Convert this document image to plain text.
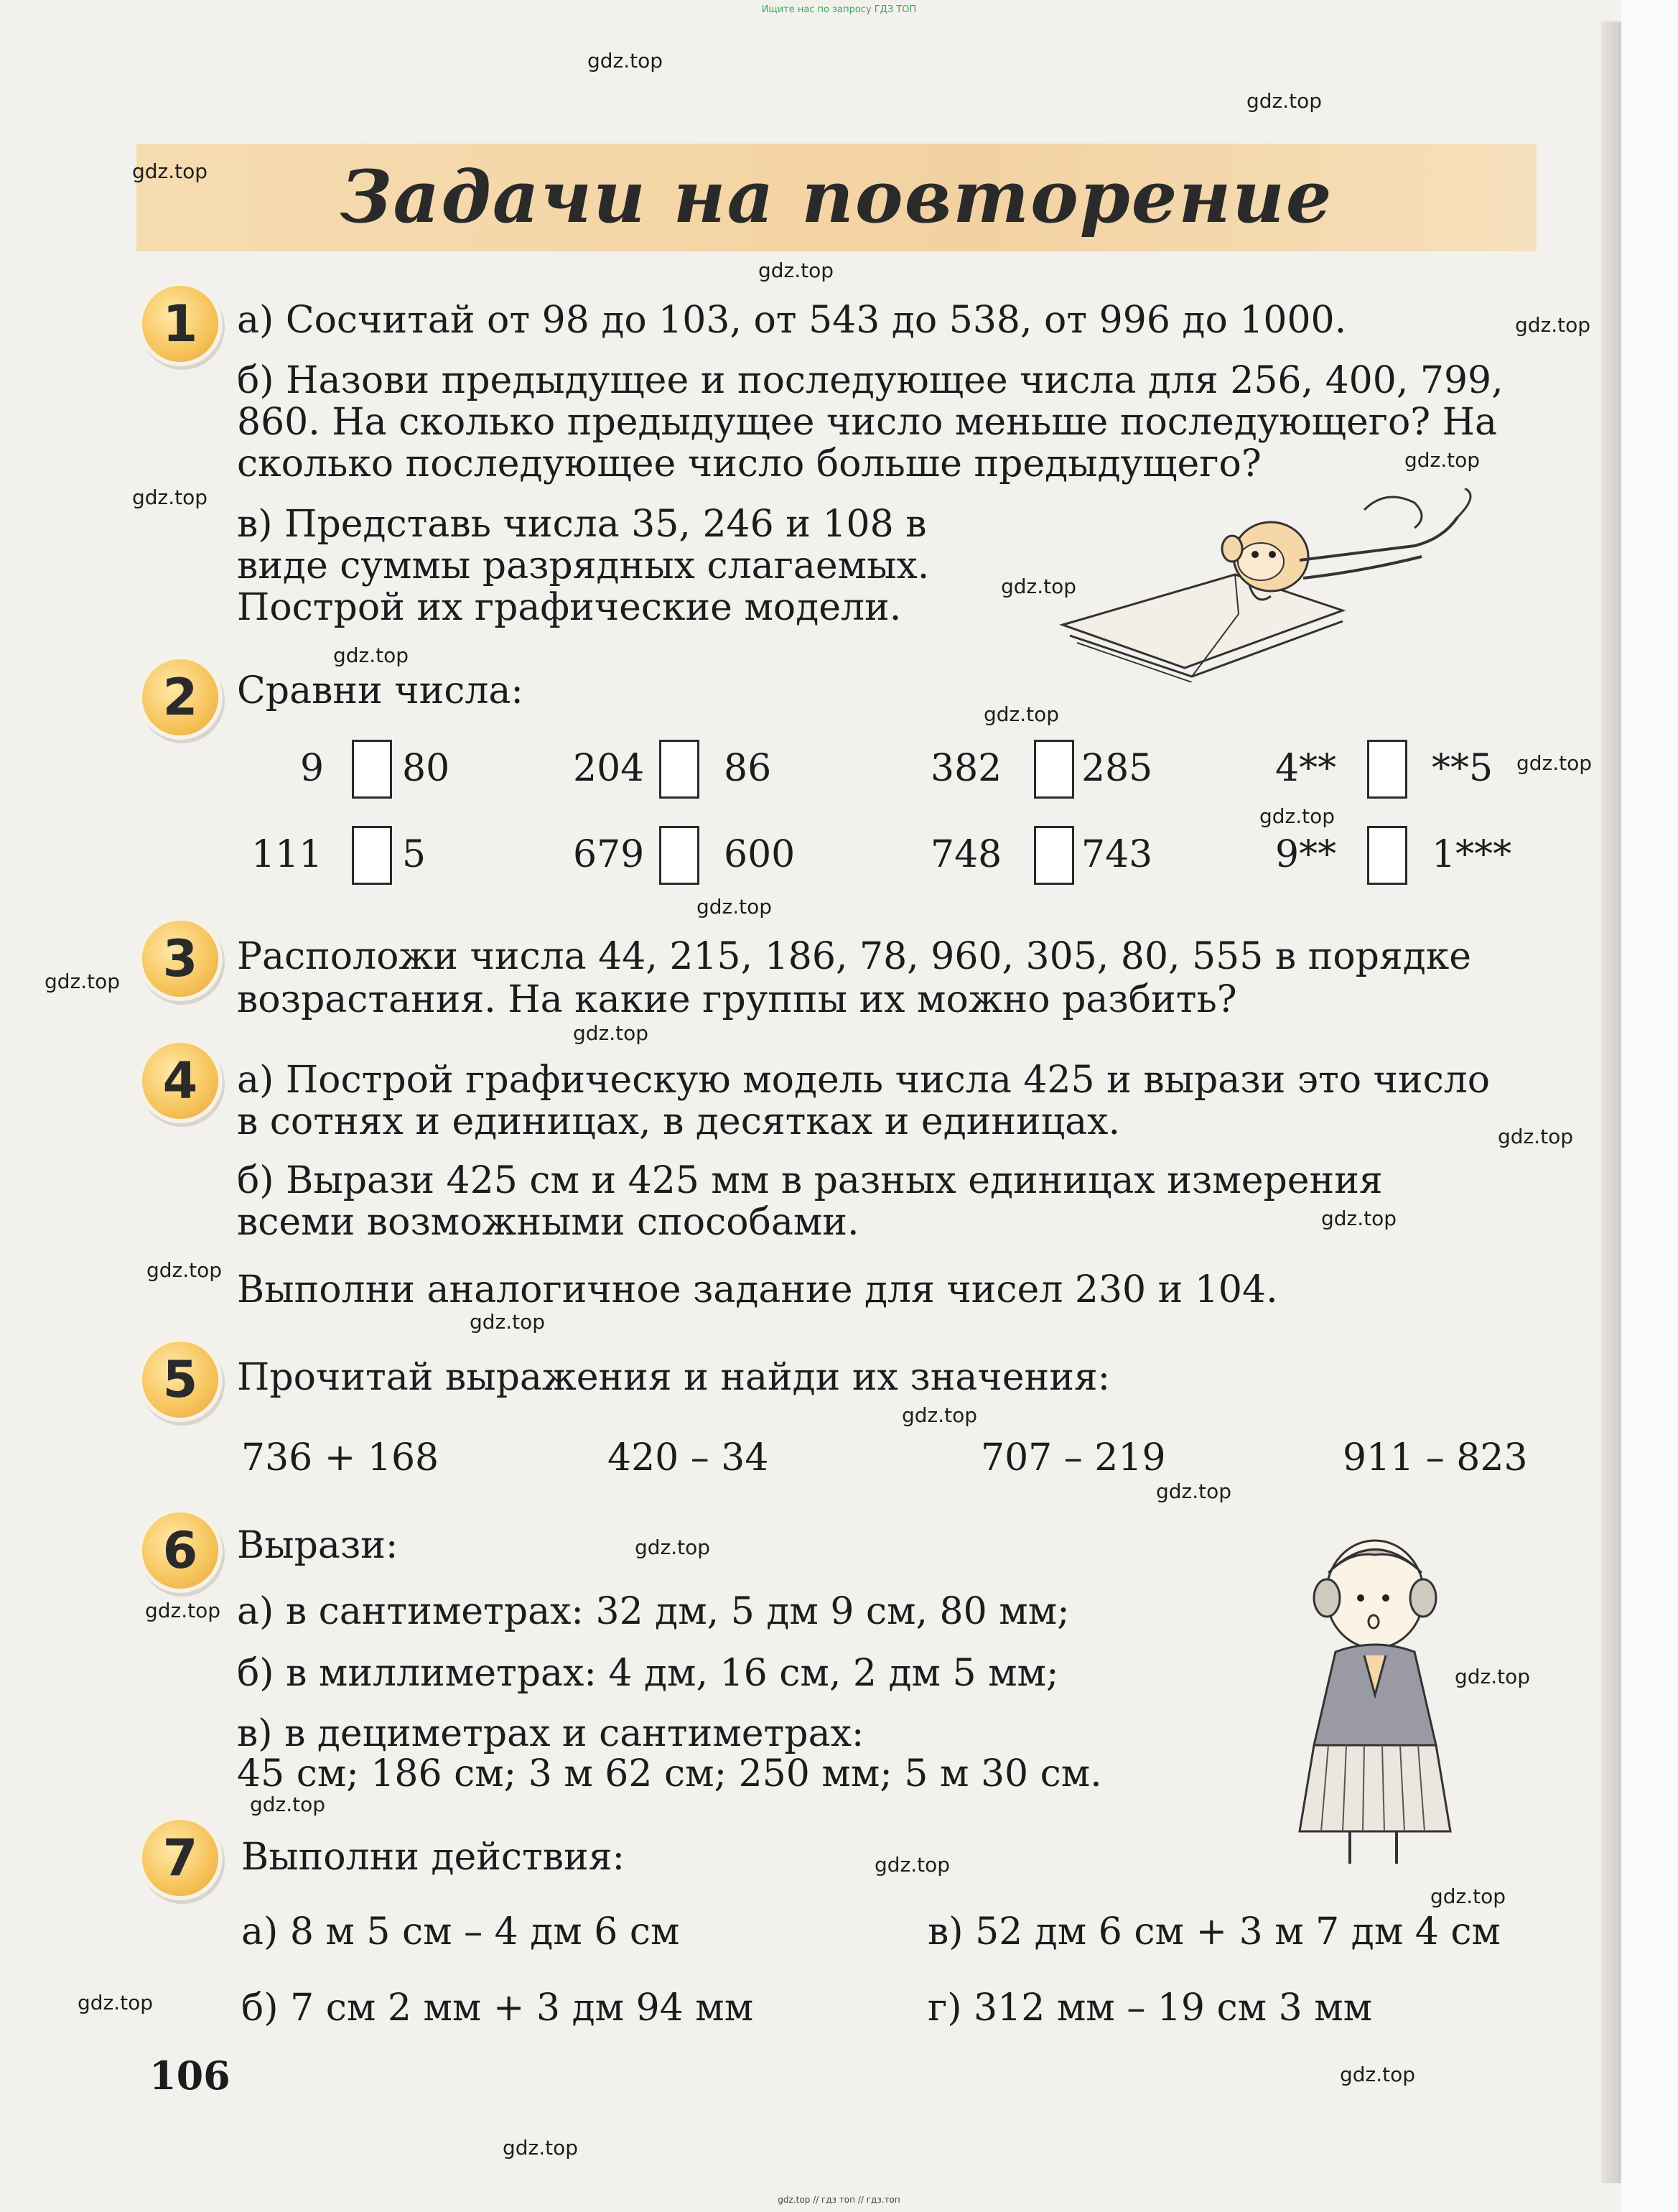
Ищите нас по запросу ГДЗ ТОП
Задачи на повторение
1	а) Сосчитай от 98 до 103, от 543 до 538, от 996 до 1000.
б) Назови предыдущее и последующее числа для 256, 400, 799,
860. На сколько предыдущее число меньше последующего? На
сколько последующее число больше предыдущего?
в) Представь числа 35, 246 и 108 в
виде суммы разрядных слагаемых.
Построй их графические модели.
2	Сравни числа:
9 80	204 86	382 285	4**	**5
111 5	679 600	748 743	9**	1***
3	Расположи числа 44, 215, 186, 78, 960, 305, 80, 555 в порядке
возрастания. На какие группы их можно разбить?
4	а) Построй графическую модель числа 425 и вырази это число
в сотнях и единицах, в десятках и единицах.
б) Вырази 425 см и 425 мм в разных единицах измерения
всеми возможными способами.
Выполни аналогичное задание для чисел 230 и 104.
5	Прочитай выражения и найди их значения:
736 + 168	420 – 34	707 – 219	911 – 823
6	Вырази:
а) в сантиметрах: 32 дм, 5 дм 9 см, 80 мм;
б) в миллиметрах: 4 дм, 16 см, 2 дм 5 мм;
в) в дециметрах и сантиметрах:
45 см; 186 см; 3 м 62 см; 250 мм; 5 м 30 см.
7	Выполни действия:
а) 8 м 5 см – 4 дм 6 см	в) 52 дм 6 см + 3 м 7 дм 4 см
б) 7 см 2 мм + 3 дм 94 мм	г) 312 мм – 19 см 3 мм
106
gdz.top
gdz.top
gdz.top
gdz.top
gdz.top
gdz.top
gdz.top
gdz.top
gdz.top
gdz.top
gdz.top
gdz.top
gdz.top
gdz.top
gdz.top
gdz.top
gdz.top
gdz.top
gdz.top
gdz.top
gdz.top
gdz.top
gdz.top
gdz.top
gdz.top
gdz.top
gdz.top
gdz.top
gdz.top
gdz.top
gdz.top // гдз топ // гдз.топ
